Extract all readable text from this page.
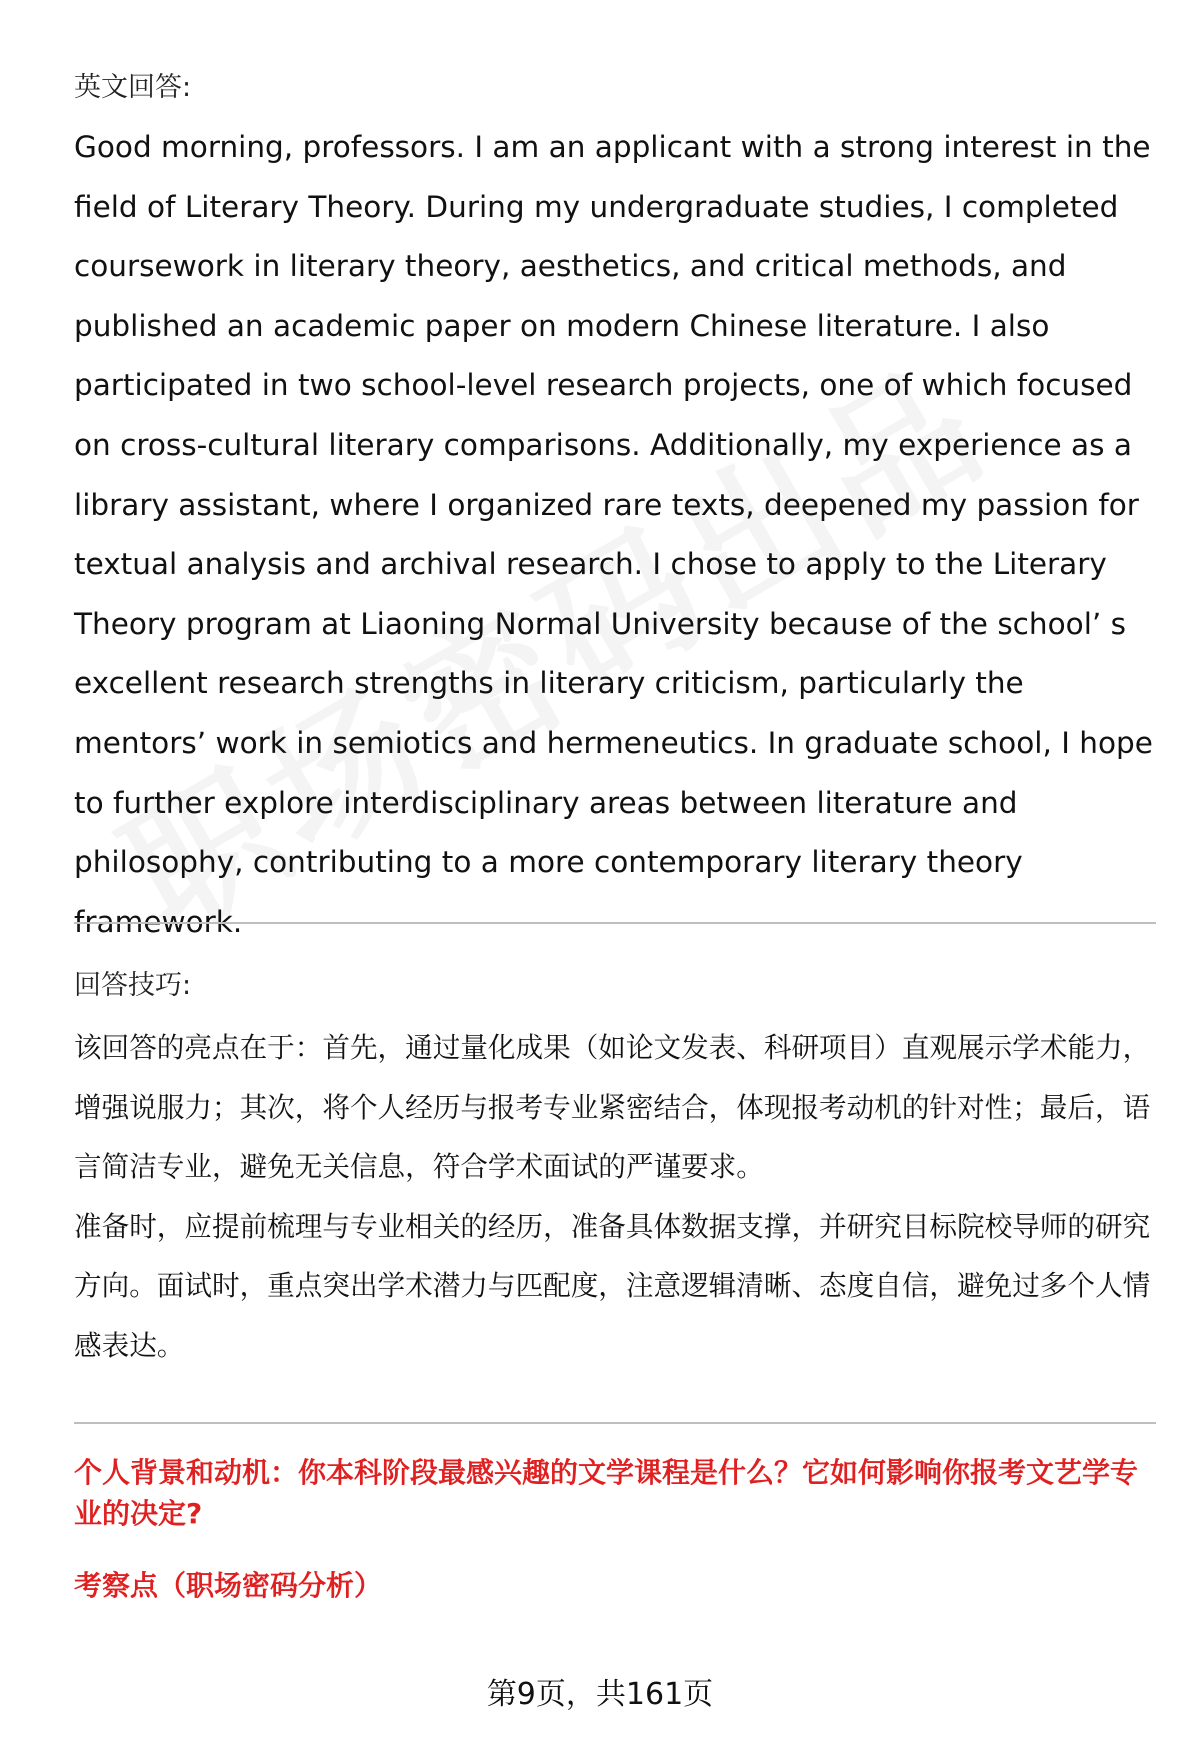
英文回答:

Good morning, professors. I am an applicant with a strong interest in the field of Literary Theory. During my undergraduate studies, I completed coursework in literary theory, aesthetics, and critical methods, and published an academic paper on modern Chinese literature. I also participated in two school-level research projects, one of which focused on cross-cultural literary comparisons. Additionally, my experience as a library assistant, where I organized rare texts, deepened my passion for textual analysis and archival research. I chose to apply to the Literary Theory program at Liaoning Normal University because of the school’ s excellent research strengths in literary criticism, particularly the mentors’ work in semiotics and hermeneutics. In graduate school, I hope to further explore interdisciplinary areas between literature and philosophy, contributing to a more contemporary literary theory framework.

回答技巧:

该回答的亮点在于：首先，通过量化成果（如论文发表、科研项目）直观展示学术能力，增强说服力；其次，将个人经历与报考专业紧密结合，体现报考动机的针对性；最后，语言简洁专业，避免无关信息，符合学术面试的严谨要求。

准备时，应提前梳理与专业相关的经历，准备具体数据支撑，并研究目标院校导师的研究方向。面试时，重点突出学术潜力与匹配度，注意逻辑清晰、态度自信，避免过多个人情感表达。

个人背景和动机：你本科阶段最感兴趣的文学课程是什么？它如何影响你报考文艺学专业的决定?

考察点（职场密码分析）

第9页，共161页
